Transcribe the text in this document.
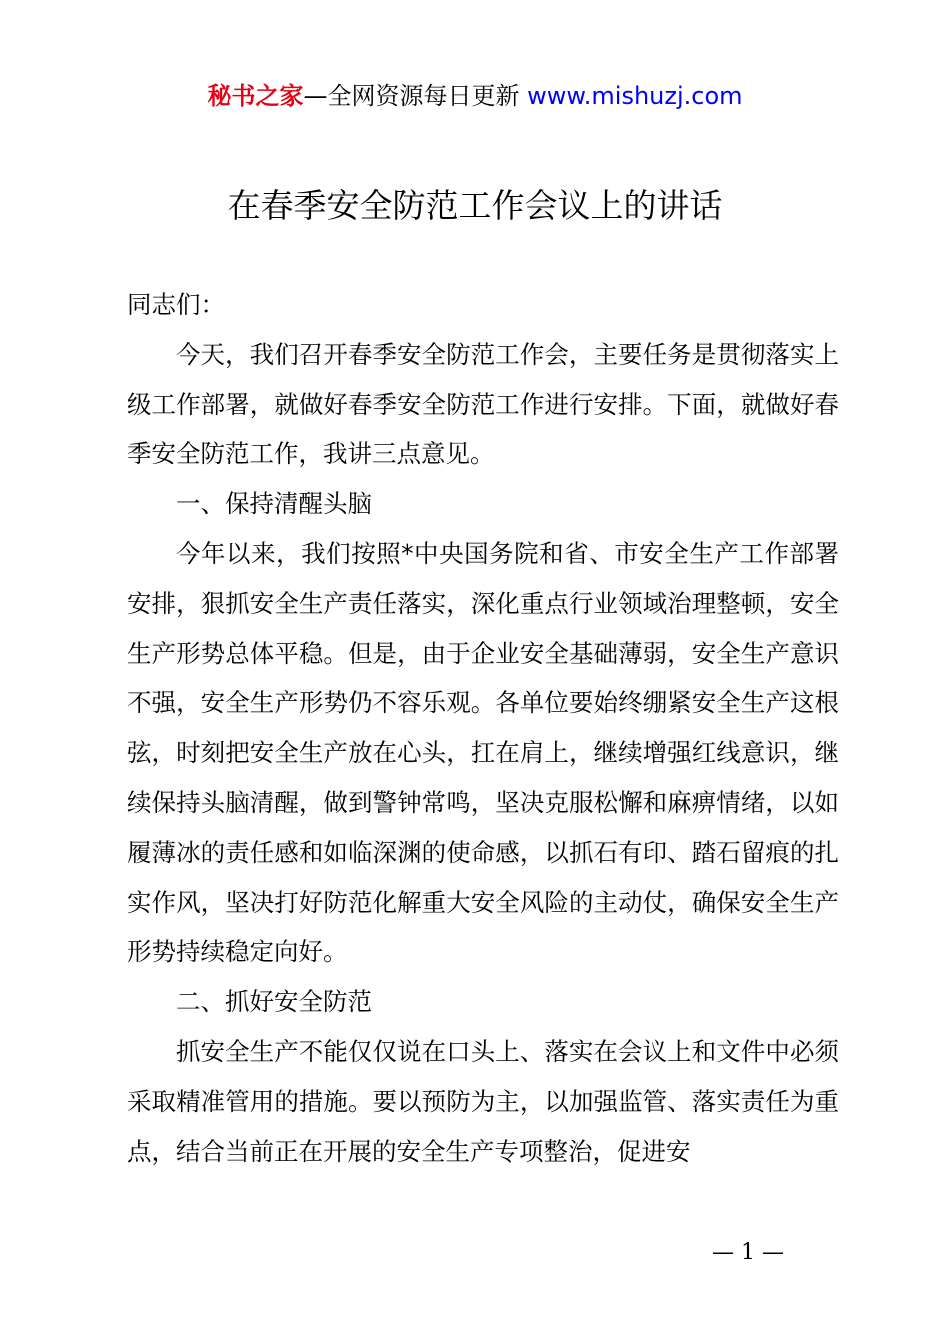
秘书之家—全网资源每日更新 www.mishuzj.com
在春季安全防范工作会议上的讲话

同志们：

今天，我们召开春季安全防范工作会，主要任务是贯彻落实上级工作部署，就做好春季安全防范工作进行安排。下面，就做好春季安全防范工作，我讲三点意见。

一、保持清醒头脑

今年以来，我们按照*中央国务院和省、市安全生产工作部署安排，狠抓安全生产责任落实，深化重点行业领域治理整顿，安全生产形势总体平稳。但是，由于企业安全基础薄弱，安全生产意识不强，安全生产形势仍不容乐观。各单位要始终绷紧安全生产这根弦，时刻把安全生产放在心头，扛在肩上，继续增强红线意识，继续保持头脑清醒，做到警钟常鸣，坚决克服松懈和麻痹情绪，以如履薄冰的责任感和如临深渊的使命感，以抓石有印、踏石留痕的扎实作风，坚决打好防范化解重大安全风险的主动仗，确保安全生产形势持续稳定向好。

二、抓好安全防范

抓安全生产不能仅仅说在口头上、落实在会议上和文件中必须采取精准管用的措施。要以预防为主，以加强监管、落实责任为重点，结合当前正在开展的安全生产专项整治，促进安

— 1 —
